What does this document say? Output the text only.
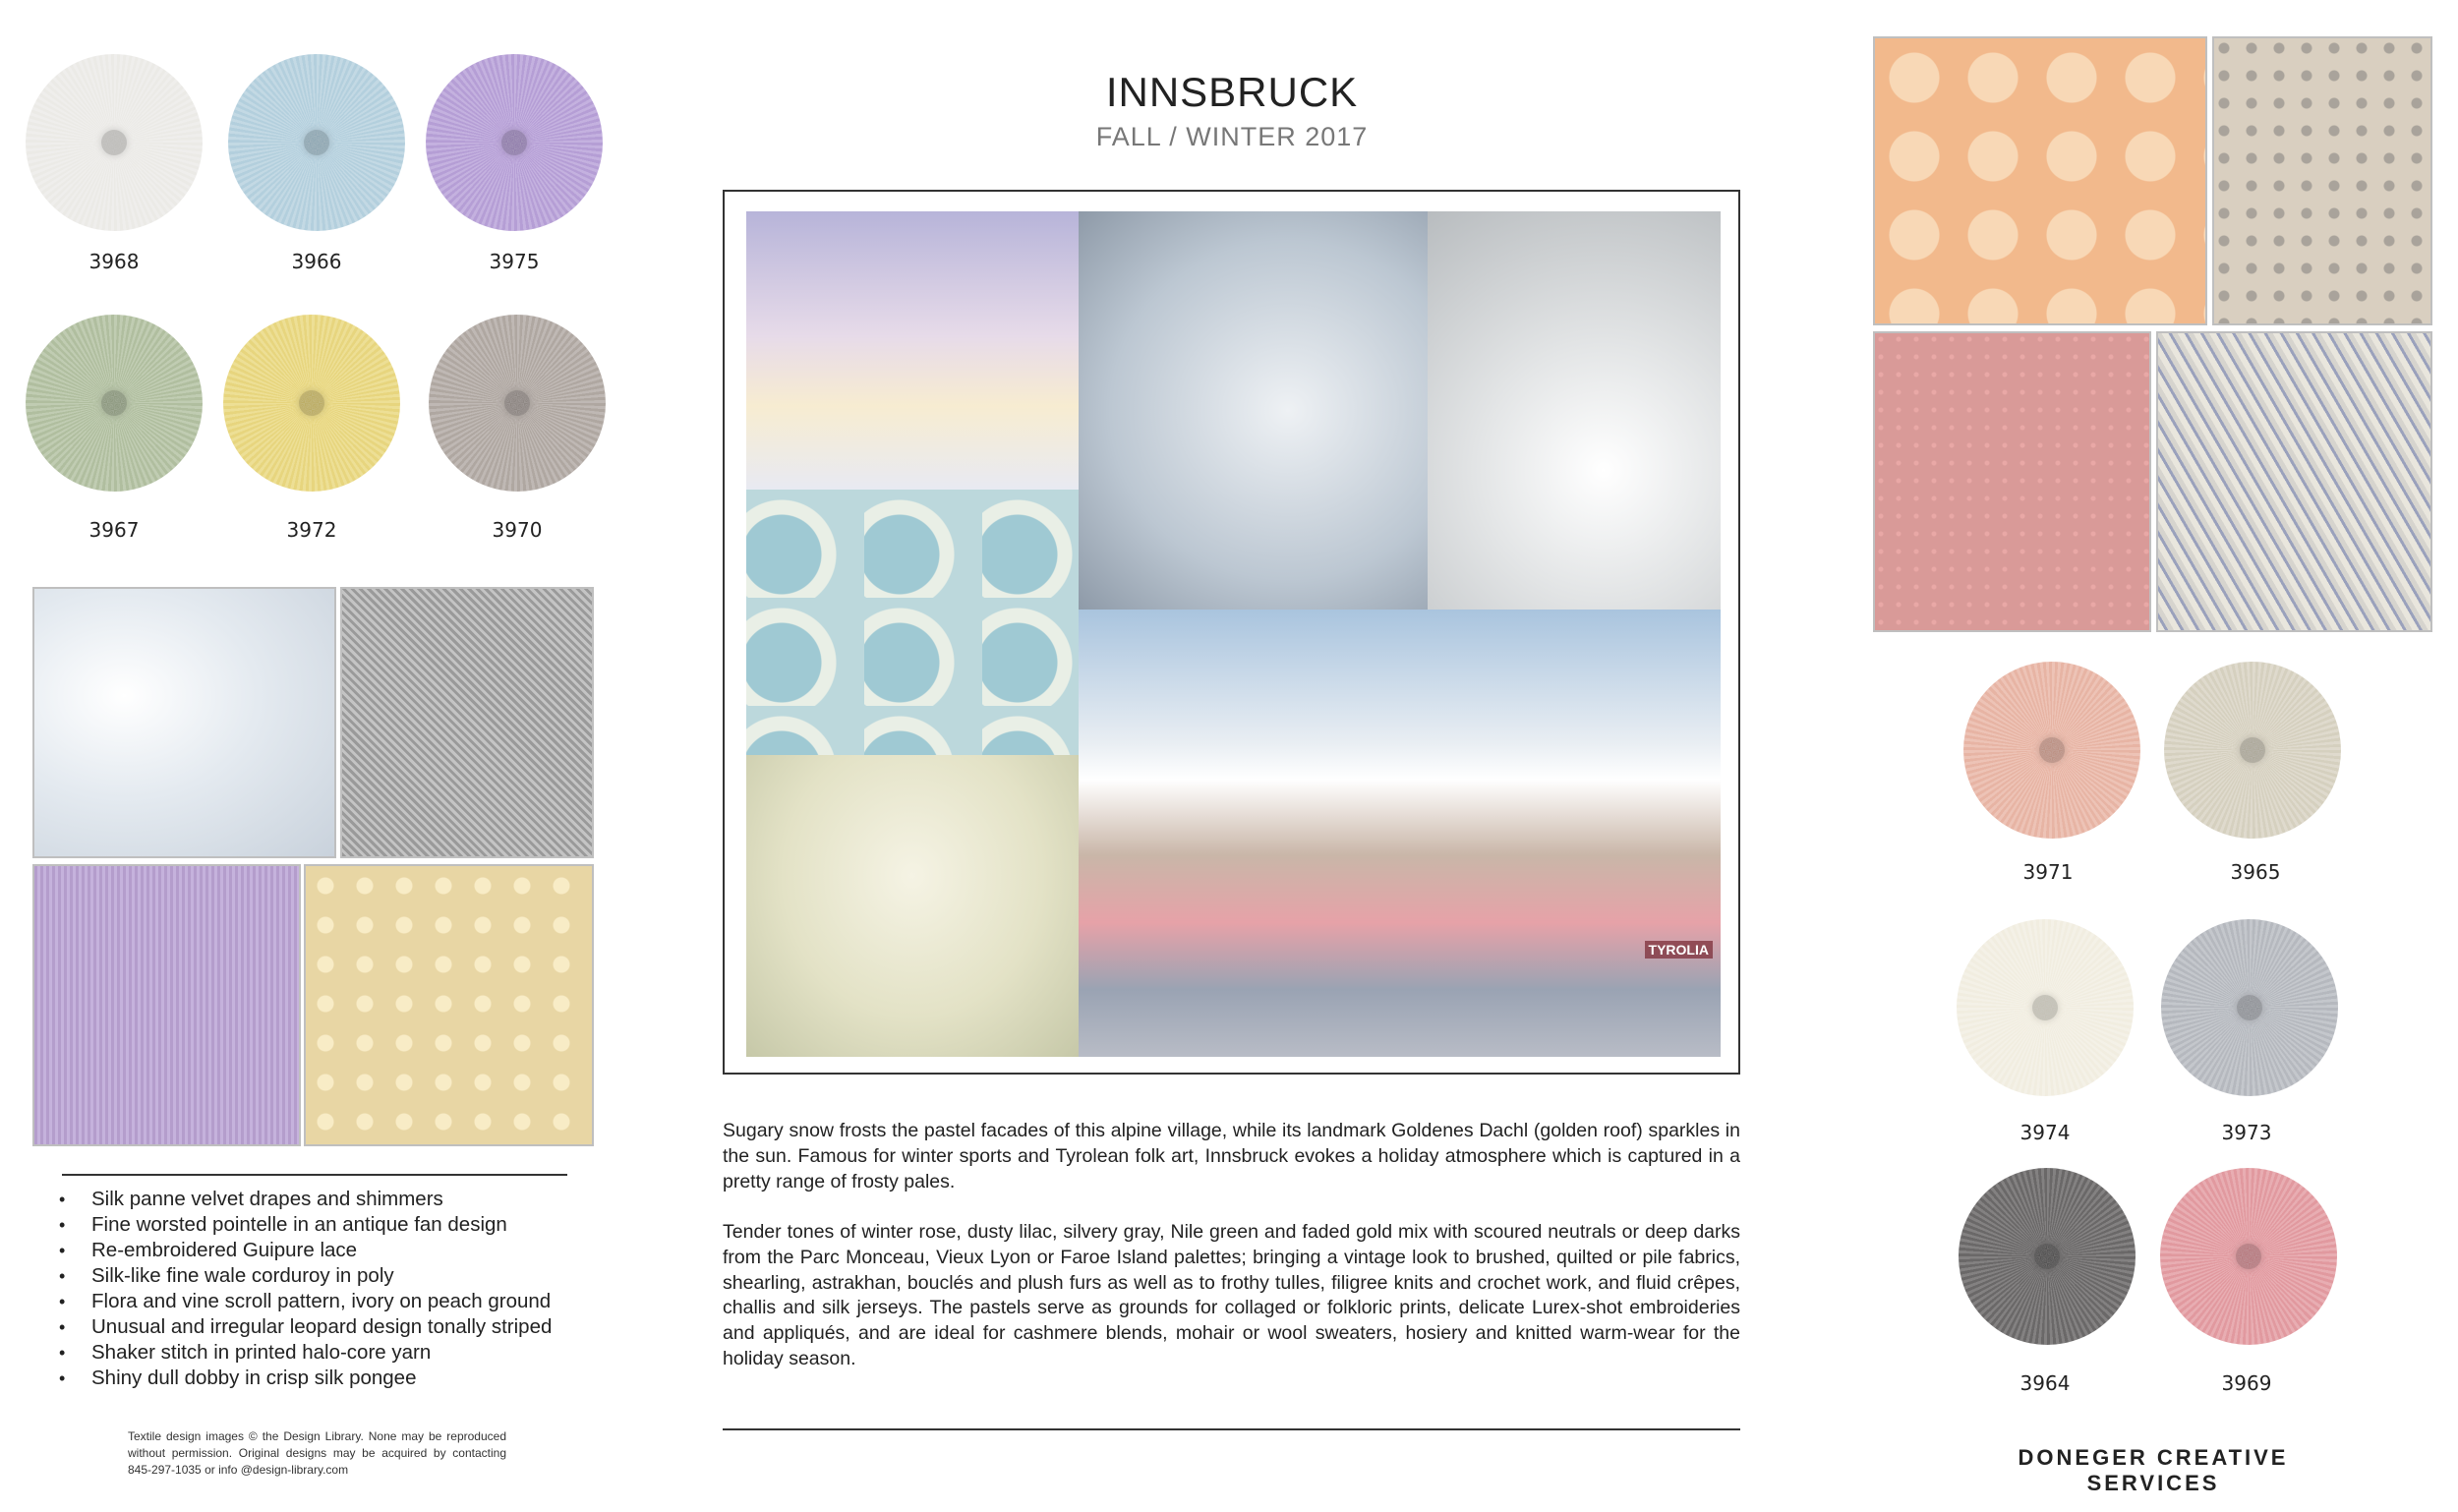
3968	3966	3975
3967	3972	3970
• Silk panne velvet drapes and shimmers
• Fine worsted pointelle in an antique fan design
• Re-embroidered Guipure lace
• Silk-like fine wale corduroy in poly
• Flora and vine scroll pattern, ivory on peach ground
• Unusual and irregular leopard design tonally striped
• Shaker stitch in printed halo-core yarn
• Shiny dull dobby in crisp silk pongee
Textile design images © the Design Library. None may be reproduced without permission. Original designs may be acquired by contacting 845-297-1035 or info @design-library.com
INNSBRUCK
FALL / WINTER 2017
TYROLIA
Sugary snow frosts the pastel facades of this alpine village, while its landmark Goldenes Dachl (golden roof) sparkles in the sun. Famous for winter sports and Tyrolean folk art, Innsbruck evokes a holiday atmosphere which is captured in a pretty range of frosty pales.
Tender tones of winter rose, dusty lilac, silvery gray, Nile green and faded gold mix with scoured neutrals or deep darks from the Parc Monceau, Vieux Lyon or Faroe Island palettes; bringing a vintage look to brushed, quilted or pile fabrics, shearling, astrakhan, bouclés and plush furs as well as to frothy tulles, filigree knits and crochet work, and fluid crêpes, challis and silk jerseys. The pastels serve as grounds for collaged or folkloric prints, delicate Lurex-shot embroideries and appliqués, and are ideal for cashmere blends, mohair or wool sweaters, hosiery and knitted warm-wear for the holiday season.
3971	3965
3974	3973
3964	3969
DONEGER CREATIVE SERVICES
